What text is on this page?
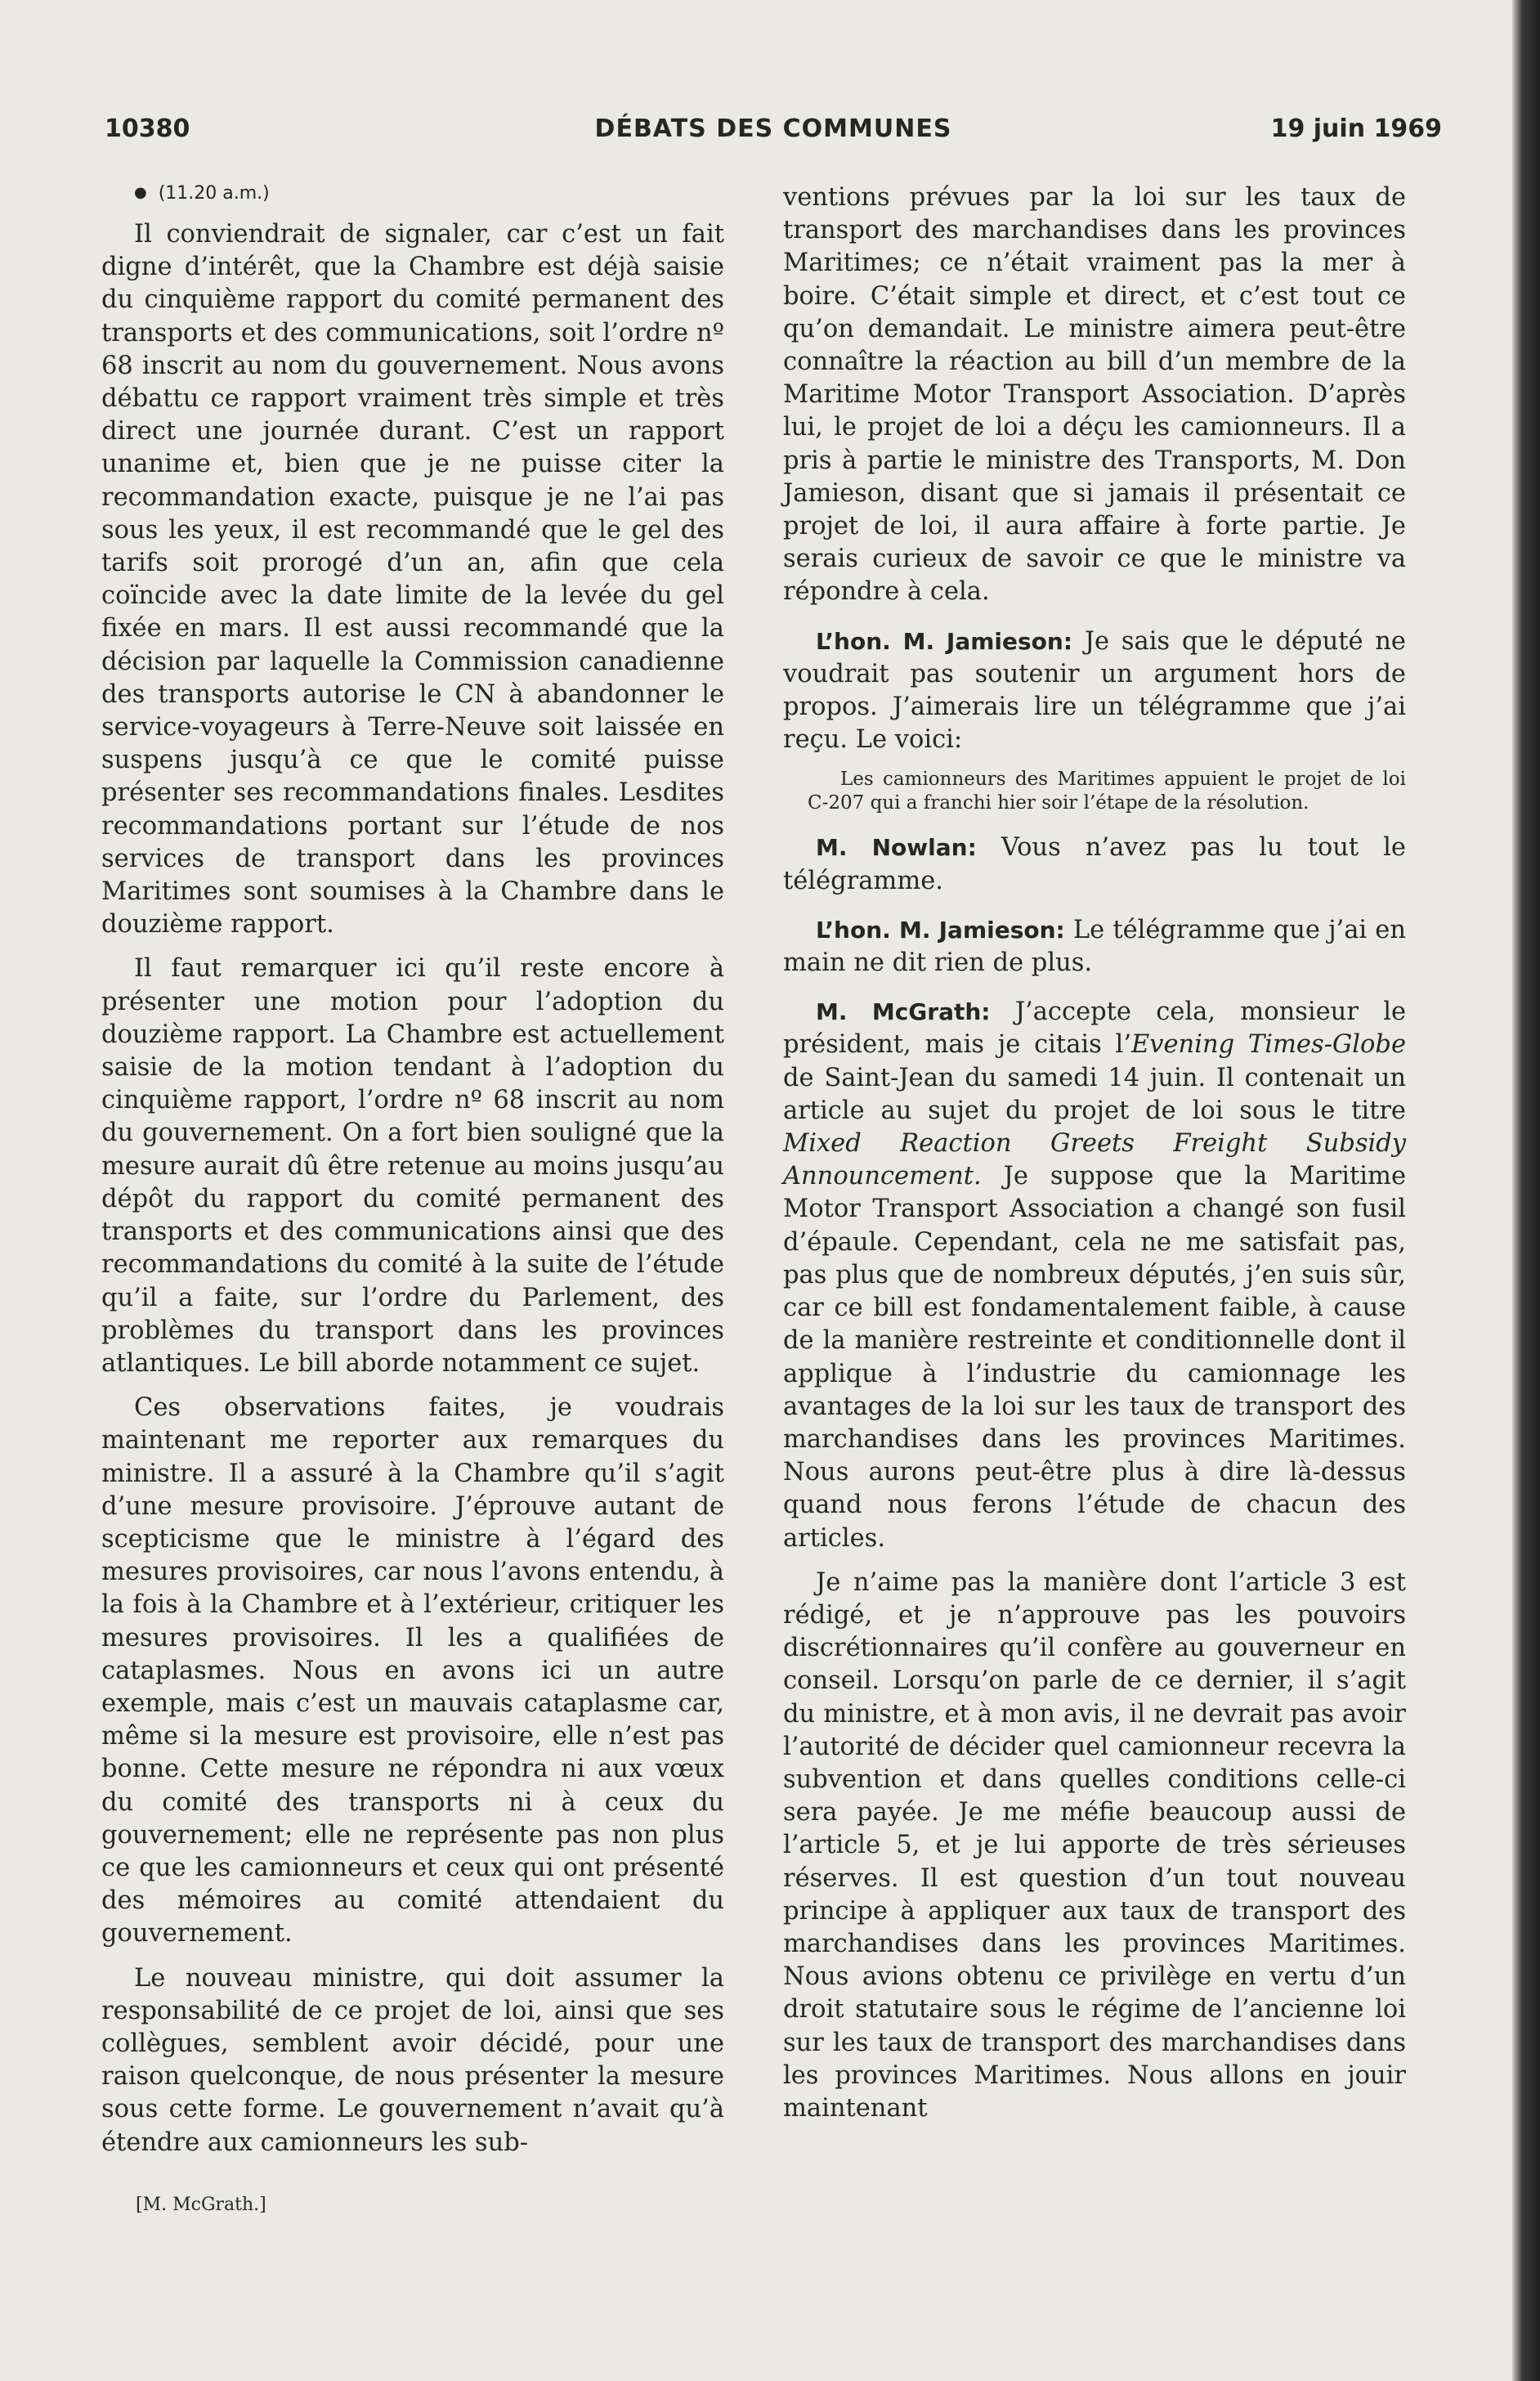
10380	DÉBATS DES COMMUNES	19 juin 1969

● (11.20 a.m.)

Il conviendrait de signaler, car c’est un fait digne d’intérêt, que la Chambre est déjà saisie du cinquième rapport du comité permanent des transports et des communications, soit l’ordre nº 68 inscrit au nom du gouvernement. Nous avons débattu ce rapport vraiment très simple et très direct une journée durant. C’est un rapport unanime et, bien que je ne puisse citer la recommandation exacte, puisque je ne l’ai pas sous les yeux, il est recommandé que le gel des tarifs soit prorogé d’un an, afin que cela coïncide avec la date limite de la levée du gel fixée en mars. Il est aussi recommandé que la décision par laquelle la Commission canadienne des transports autorise le CN à abandonner le service-voyageurs à Terre-Neuve soit laissée en suspens jusqu’à ce que le comité puisse présenter ses recommandations finales. Lesdites recommandations portant sur l’étude de nos services de transport dans les provinces Maritimes sont soumises à la Chambre dans le douzième rapport.

Il faut remarquer ici qu’il reste encore à présenter une motion pour l’adoption du douzième rapport. La Chambre est actuellement saisie de la motion tendant à l’adoption du cinquième rapport, l’ordre nº 68 inscrit au nom du gouvernement. On a fort bien souligné que la mesure aurait dû être retenue au moins jusqu’au dépôt du rapport du comité permanent des transports et des communications ainsi que des recommandations du comité à la suite de l’étude qu’il a faite, sur l’ordre du Parlement, des problèmes du transport dans les provinces atlantiques. Le bill aborde notamment ce sujet.

Ces observations faites, je voudrais maintenant me reporter aux remarques du ministre. Il a assuré à la Chambre qu’il s’agit d’une mesure provisoire. J’éprouve autant de scepticisme que le ministre à l’égard des mesures provisoires, car nous l’avons entendu, à la fois à la Chambre et à l’extérieur, critiquer les mesures provisoires. Il les a qualifiées de cataplasmes. Nous en avons ici un autre exemple, mais c’est un mauvais cataplasme car, même si la mesure est provisoire, elle n’est pas bonne. Cette mesure ne répondra ni aux vœux du comité des transports ni à ceux du gouvernement; elle ne représente pas non plus ce que les camionneurs et ceux qui ont présenté des mémoires au comité attendaient du gouvernement.

Le nouveau ministre, qui doit assumer la responsabilité de ce projet de loi, ainsi que ses collègues, semblent avoir décidé, pour une raison quelconque, de nous présenter la mesure sous cette forme. Le gouvernement n’avait qu’à étendre aux camionneurs les sub-

[M. McGrath.]

ventions prévues par la loi sur les taux de transport des marchandises dans les provinces Maritimes; ce n’était vraiment pas la mer à boire. C’était simple et direct, et c’est tout ce qu’on demandait. Le ministre aimera peut-être connaître la réaction au bill d’un membre de la Maritime Motor Transport Association. D’après lui, le projet de loi a déçu les camionneurs. Il a pris à partie le ministre des Transports, M. Don Jamieson, disant que si jamais il présentait ce projet de loi, il aura affaire à forte partie. Je serais curieux de savoir ce que le ministre va répondre à cela.

L’hon. M. Jamieson: Je sais que le député ne voudrait pas soutenir un argument hors de propos. J’aimerais lire un télégramme que j’ai reçu. Le voici:

Les camionneurs des Maritimes appuient le projet de loi C-207 qui a franchi hier soir l’étape de la résolution.

M. Nowlan: Vous n’avez pas lu tout le télégramme.

L’hon. M. Jamieson: Le télégramme que j’ai en main ne dit rien de plus.

M. McGrath: J’accepte cela, monsieur le président, mais je citais l’Evening Times-Globe de Saint-Jean du samedi 14 juin. Il contenait un article au sujet du projet de loi sous le titre Mixed Reaction Greets Freight Subsidy Announcement. Je suppose que la Maritime Motor Transport Association a changé son fusil d’épaule. Cependant, cela ne me satisfait pas, pas plus que de nombreux députés, j’en suis sûr, car ce bill est fondamentalement faible, à cause de la manière restreinte et conditionnelle dont il applique à l’industrie du camionnage les avantages de la loi sur les taux de transport des marchandises dans les provinces Maritimes. Nous aurons peut-être plus à dire là-dessus quand nous ferons l’étude de chacun des articles.

Je n’aime pas la manière dont l’article 3 est rédigé, et je n’approuve pas les pouvoirs discrétionnaires qu’il confère au gouverneur en conseil. Lorsqu’on parle de ce dernier, il s’agit du ministre, et à mon avis, il ne devrait pas avoir l’autorité de décider quel camionneur recevra la subvention et dans quelles conditions celle-ci sera payée. Je me méfie beaucoup aussi de l’article 5, et je lui apporte de très sérieuses réserves. Il est question d’un tout nouveau principe à appliquer aux taux de transport des marchandises dans les provinces Maritimes. Nous avions obtenu ce privilège en vertu d’un droit statutaire sous le régime de l’ancienne loi sur les taux de transport des marchandises dans les provinces Maritimes. Nous allons en jouir maintenant
